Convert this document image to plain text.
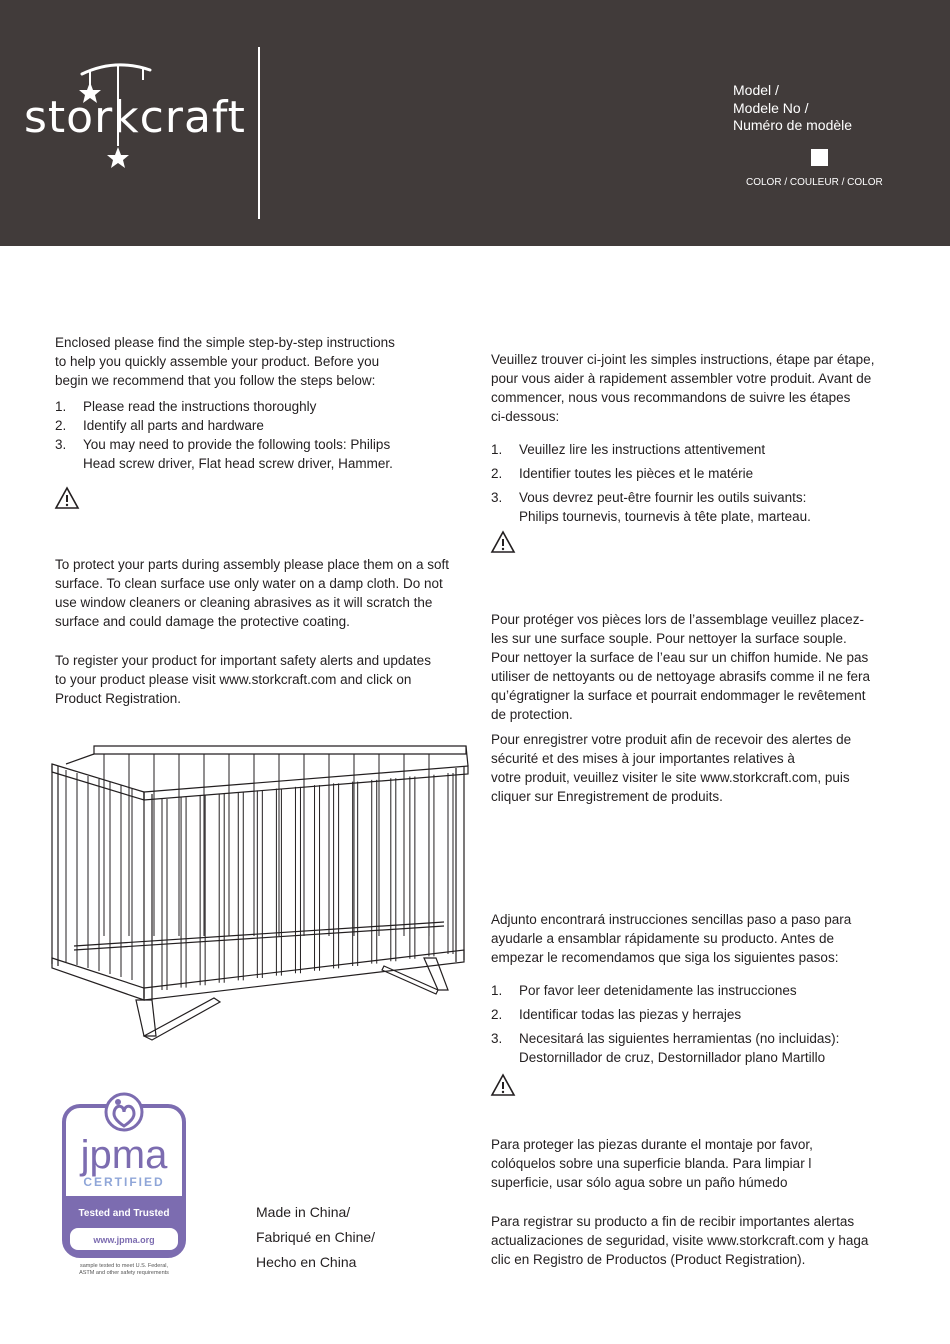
storkcraft
Model /
Modele No /
Numéro de modèle
COLOR / COULEUR / COLOR
Enclosed please find the simple step-by-step instructions
to help you quickly assemble your product. Before you
begin we recommend that you follow the steps below:
1. Please read the instructions thoroughly
2. Identify all parts and hardware
3. You may need to provide the following tools: Philips
Head screw driver, Flat head screw driver, Hammer.
To protect your parts during assembly please place them on a soft
surface. To clean surface use only water on a damp cloth. Do not
use window cleaners or cleaning abrasives as it will scratch the
surface and could damage the protective coating.
To register your product for important safety alerts and updates
to your product please visit www.storkcraft.com and click on
Product Registration.
jpma
CERTIFIED
Tested and Trusted
www.jpma.org
sample tested to meet U.S. Federal,
ASTM and other safety requirements
Made in China/
Fabriqué en Chine/
Hecho en China
Veuillez trouver ci-joint les simples instructions, étape par étape,
pour vous aider à rapidement assembler votre produit. Avant de
commencer, nous vous recommandons de suivre les étapes
ci-dessous:
1. Veuillez lire les instructions attentivement
2. Identifier toutes les pièces et le matérie
3. Vous devrez peut-être fournir les outils suivants:
Philips tournevis, tournevis à tête plate, marteau.
Pour protéger vos pièces lors de l’assemblage veuillez placez-
les sur une surface souple. Pour nettoyer la surface souple.
Pour nettoyer la surface de l’eau sur un chiffon humide. Ne pas
utiliser de nettoyants ou de nettoyage abrasifs comme il ne fera
qu’égratigner la surface et pourrait endommager le revêtement
de protection.
Pour enregistrer votre produit afin de recevoir des alertes de
sécurité et des mises à jour importantes relatives à
votre produit, veuillez visiter le site www.storkcraft.com, puis
cliquer sur Enregistrement de produits.
Adjunto encontrará instrucciones sencillas paso a paso para
ayudarle a ensamblar rápidamente su producto. Antes de
empezar le recomendamos que siga los siguientes pasos:
1. Por favor leer detenidamente las instrucciones
2. Identificar todas las piezas y herrajes
3. Necesitará las siguientes herramientas (no incluidas):
Destornillador de cruz, Destornillador plano Martillo
Para proteger las piezas durante el montaje por favor,
colóquelos sobre una superficie blanda. Para limpiar l
superficie, usar sólo agua sobre un paño húmedo
Para registrar su producto a fin de recibir importantes alertas
actualizaciones de seguridad, visite www.storkcraft.com y haga
clic en Registro de Productos (Product Registration).
